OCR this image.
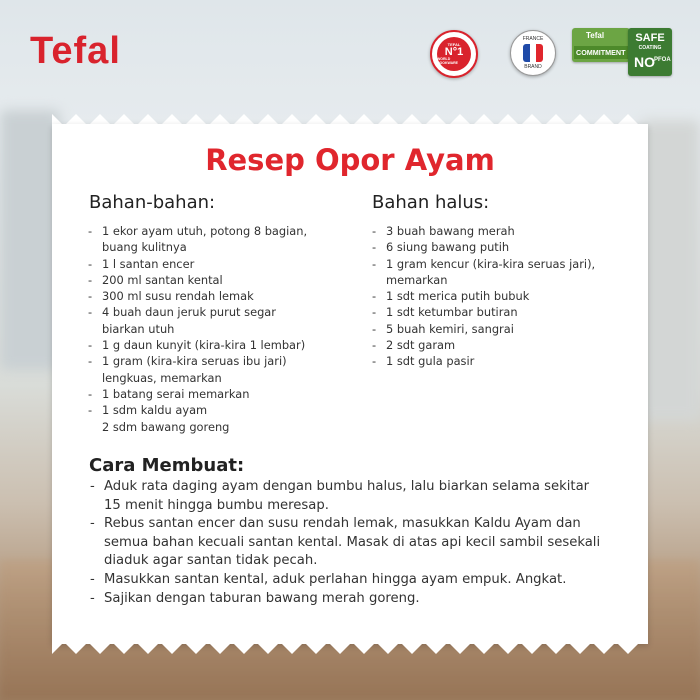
Tefal	TEFAL
N°1
WORLD COOKWARE
FRANCE
BRAND
Tefal
COMMITMENT
SAFE
COATING
NO PFOA
Resep Opor Ayam
Bahan-bahan:
- 1 ekor ayam utuh, potong 8 bagian,
buang kulitnya
- 1 l santan encer
- 200 ml santan kental
- 300 ml susu rendah lemak
- 4 buah daun jeruk purut segar
biarkan utuh
- 1 g daun kunyit (kira-kira 1 lembar)
- 1 gram (kira-kira seruas ibu jari)
lengkuas, memarkan
- 1 batang serai memarkan
- 1 sdm kaldu ayam
2 sdm bawang goreng
Bahan halus:
- 3 buah bawang merah
- 6 siung bawang putih
- 1 gram kencur (kira-kira seruas jari),
memarkan
- 1 sdt merica putih bubuk
- 1 sdt ketumbar butiran
- 5 buah kemiri, sangrai
- 2 sdt garam
- 1 sdt gula pasir
Cara Membuat:
- Aduk rata daging ayam dengan bumbu halus, lalu biarkan selama sekitar
15 menit hingga bumbu meresap.
- Rebus santan encer dan susu rendah lemak, masukkan Kaldu Ayam dan
semua bahan kecuali santan kental. Masak di atas api kecil sambil sesekali
diaduk agar santan tidak pecah.
- Masukkan santan kental, aduk perlahan hingga ayam empuk. Angkat.
- Sajikan dengan taburan bawang merah goreng.
